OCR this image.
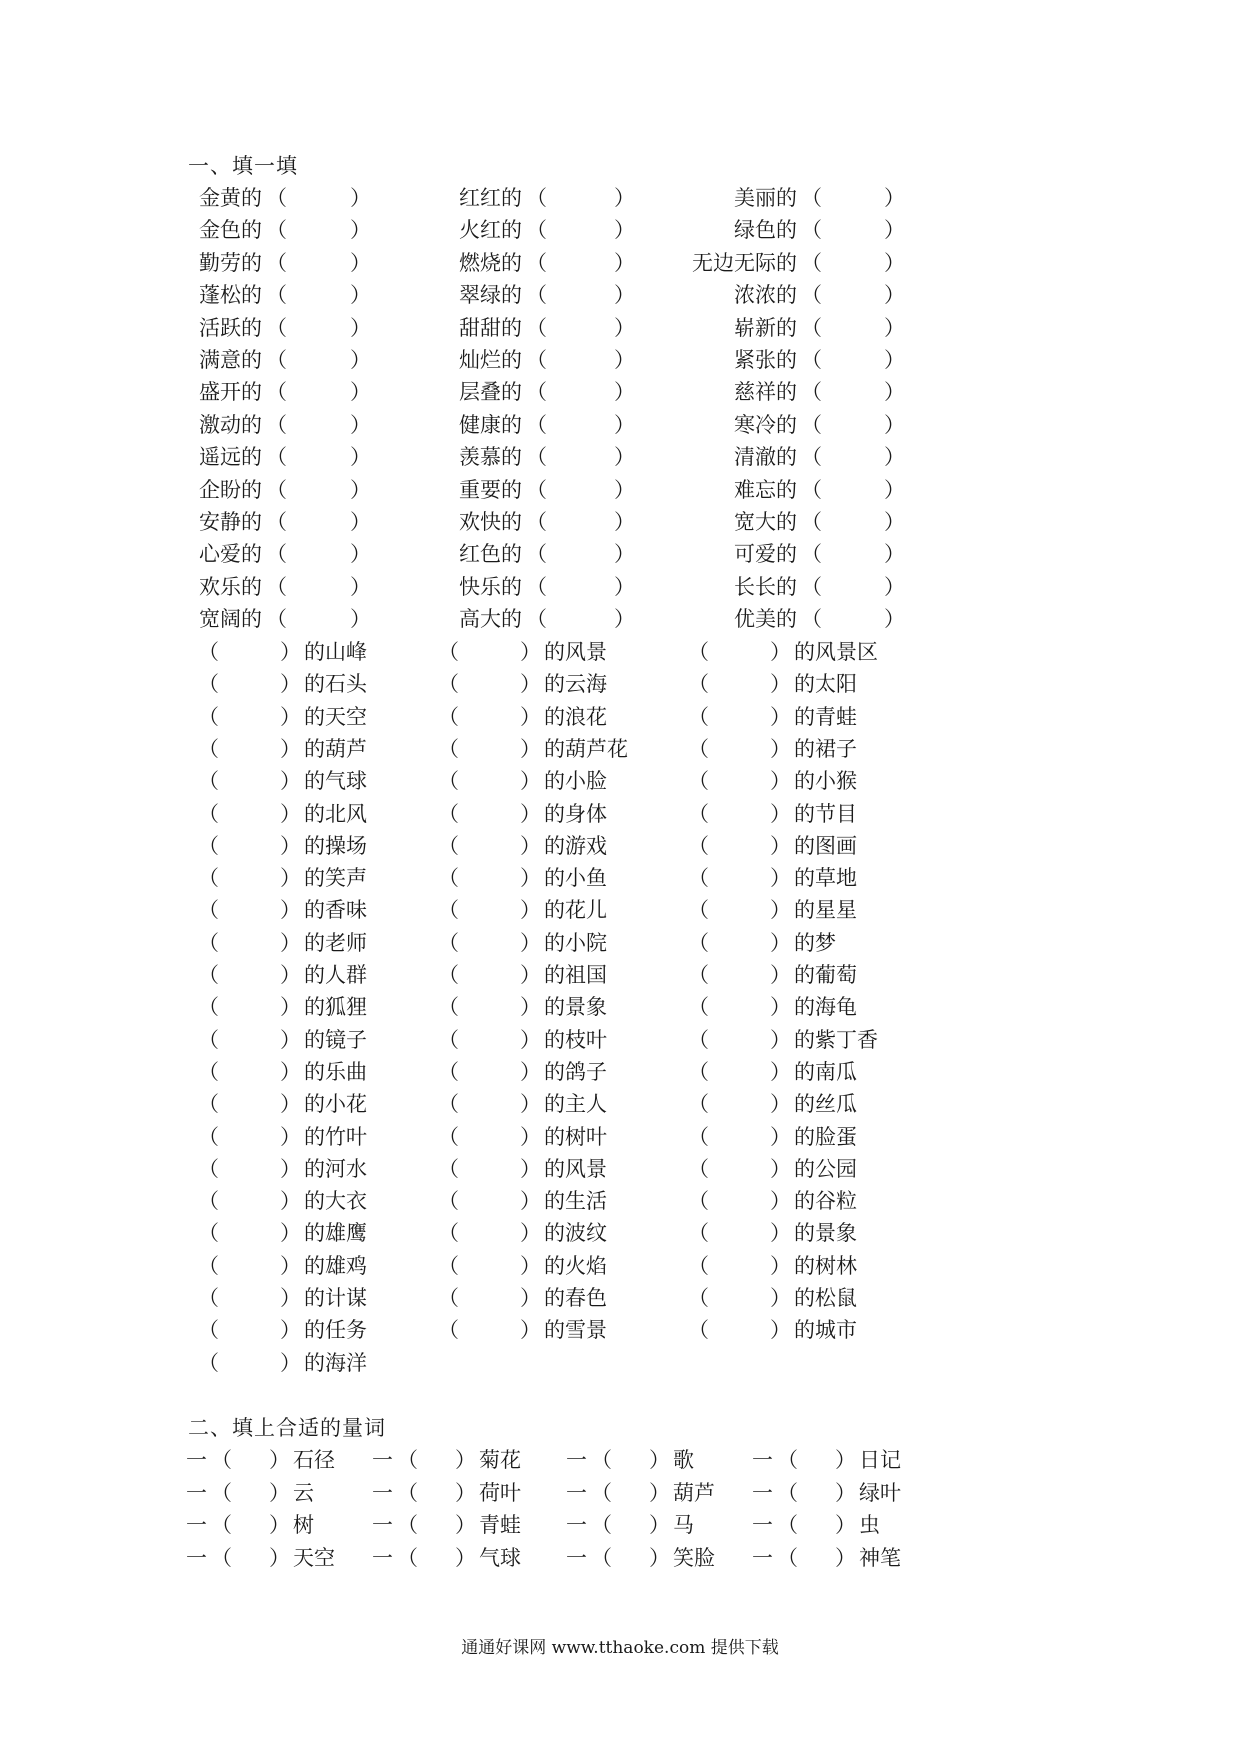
一、填一填
金黄的 （	）	红红的 （	）	美丽的 （	）
金色的 （	）	火红的 （	）	绿色的 （	）
勤劳的 （	）	燃烧的 （	）	无边无际的 （	）
蓬松的 （	）	翠绿的 （	）	浓浓的 （	）
活跃的 （	）	甜甜的 （	）	崭新的 （	）
满意的 （	）	灿烂的 （	）	紧张的 （	）
盛开的 （	）	层叠的 （	）	慈祥的 （	）
激动的 （	）	健康的 （	）	寒冷的 （	）
遥远的 （	）	羡慕的 （	）	清澈的 （	）
企盼的 （	）	重要的 （	）	难忘的 （	）
安静的 （	）	欢快的 （	）	宽大的 （	）
心爱的 （	）	红色的 （	）	可爱的 （	）
欢乐的 （	）	快乐的 （	）	长长的 （	）
宽阔的 （	）	高大的 （	）	优美的 （	）
（	） 的山峰	（	） 的风景	（	） 的风景区
（	） 的石头	（	） 的云海	（	） 的太阳
（	） 的天空	（	） 的浪花	（	） 的青蛙
（	） 的葫芦	（	） 的葫芦花	（	） 的裙子
（	） 的气球	（	） 的小脸	（	） 的小猴
（	） 的北风	（	） 的身体	（	） 的节目
（	） 的操场	（	） 的游戏	（	） 的图画
（	） 的笑声	（	） 的小鱼	（	） 的草地
（	） 的香味	（	） 的花儿	（	） 的星星
（	） 的老师	（	） 的小院	（	） 的梦
（	） 的人群	（	） 的祖国	（	） 的葡萄
（	） 的狐狸	（	） 的景象	（	） 的海龟
（	） 的镜子	（	） 的枝叶	（	） 的紫丁香
（	） 的乐曲	（	） 的鸽子	（	） 的南瓜
（	） 的小花	（	） 的主人	（	） 的丝瓜
（	） 的竹叶	（	） 的树叶	（	） 的脸蛋
（	） 的河水	（	） 的风景	（	） 的公园
（	） 的大衣	（	） 的生活	（	） 的谷粒
（	） 的雄鹰	（	） 的波纹	（	） 的景象
（	） 的雄鸡	（	） 的火焰	（	） 的树林
（	） 的计谋	（	） 的春色	（	） 的松鼠
（	） 的任务	（	） 的雪景	（	） 的城市
（	） 的海洋
二、填上合适的量词
一 （ ） 石径 一 （ ） 菊花 一 （ ） 歌	一 （ ） 日记
一 （ ） 云	一 （ ） 荷叶 一 （ ） 葫芦 一 （ ） 绿叶
一 （ ） 树	一 （ ） 青蛙 一 （ ） 马	一 （ ） 虫
一 （ ） 天空 一 （ ） 气球 一 （ ） 笑脸 一 （ ） 神笔
通通好课网 www.tthaoke.com 提供下载
